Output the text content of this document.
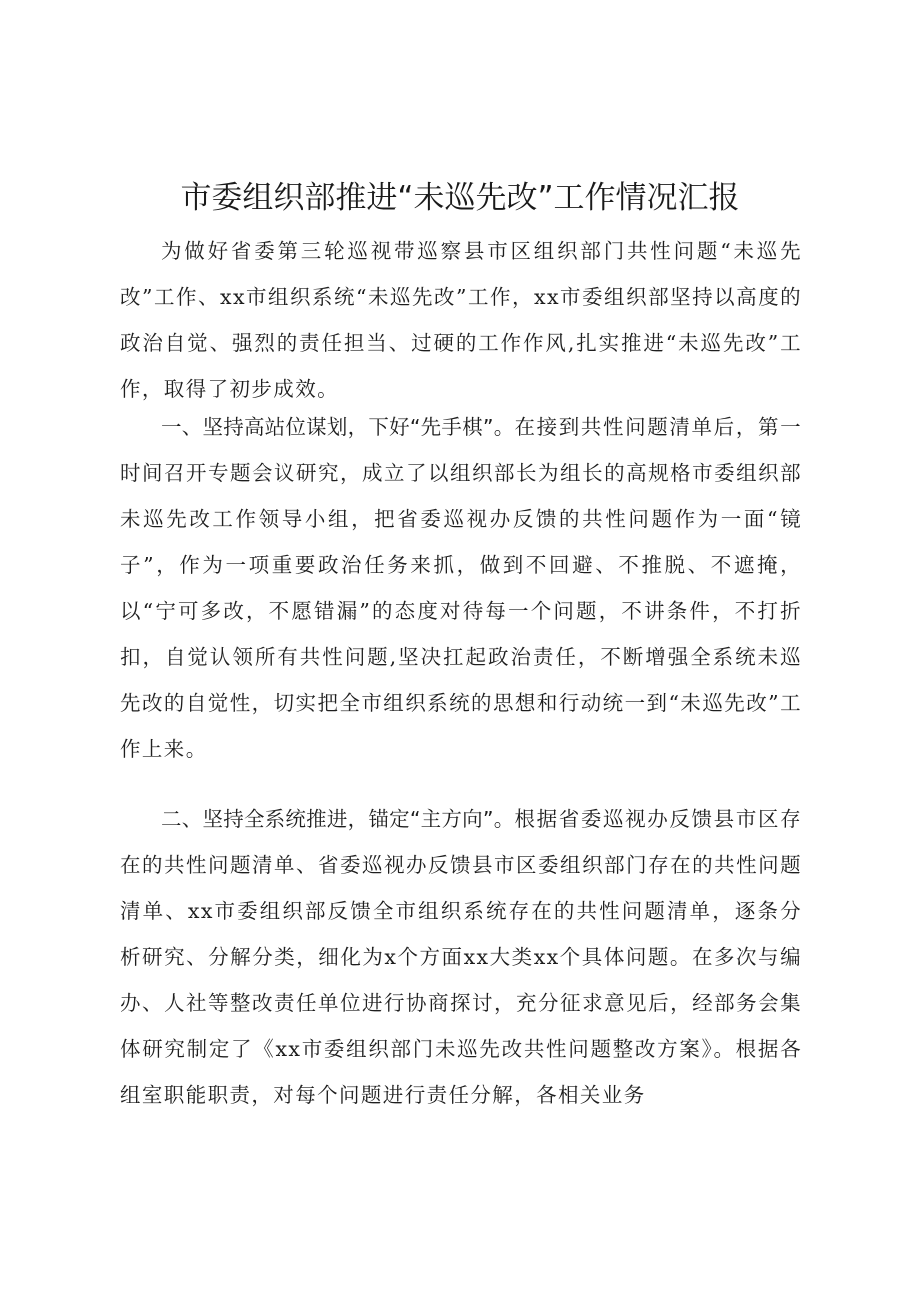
市委组织部推进“未巡先改”工作情况汇报

为做好省委第三轮巡视带巡察县市区组织部门共性问题“未巡先改”工作、xx市组织系统“未巡先改”工作，xx市委组织部坚持以高度的政治自觉、强烈的责任担当、过硬的工作作风,扎实推进“未巡先改”工作，取得了初步成效。

一、坚持高站位谋划，下好“先手棋”。在接到共性问题清单后，第一时间召开专题会议研究，成立了以组织部长为组长的高规格市委组织部未巡先改工作领导小组，把省委巡视办反馈的共性问题作为一面“镜子”，作为一项重要政治任务来抓，做到不回避、不推脱、不遮掩，以“宁可多改，不愿错漏”的态度对待每一个问题，不讲条件，不打折扣，自觉认领所有共性问题,坚决扛起政治责任，不断增强全系统未巡先改的自觉性，切实把全市组织系统的思想和行动统一到“未巡先改”工作上来。

二、坚持全系统推进，锚定“主方向”。根据省委巡视办反馈县市区存在的共性问题清单、省委巡视办反馈县市区委组织部门存在的共性问题清单、xx市委组织部反馈全市组织系统存在的共性问题清单，逐条分析研究、分解分类，细化为x个方面xx大类xx个具体问题。在多次与编办、人社等整改责任单位进行协商探讨，充分征求意见后，经部务会集体研究制定了《xx市委组织部门未巡先改共性问题整改方案》。根据各组室职能职责，对每个问题进行责任分解，各相关业务
